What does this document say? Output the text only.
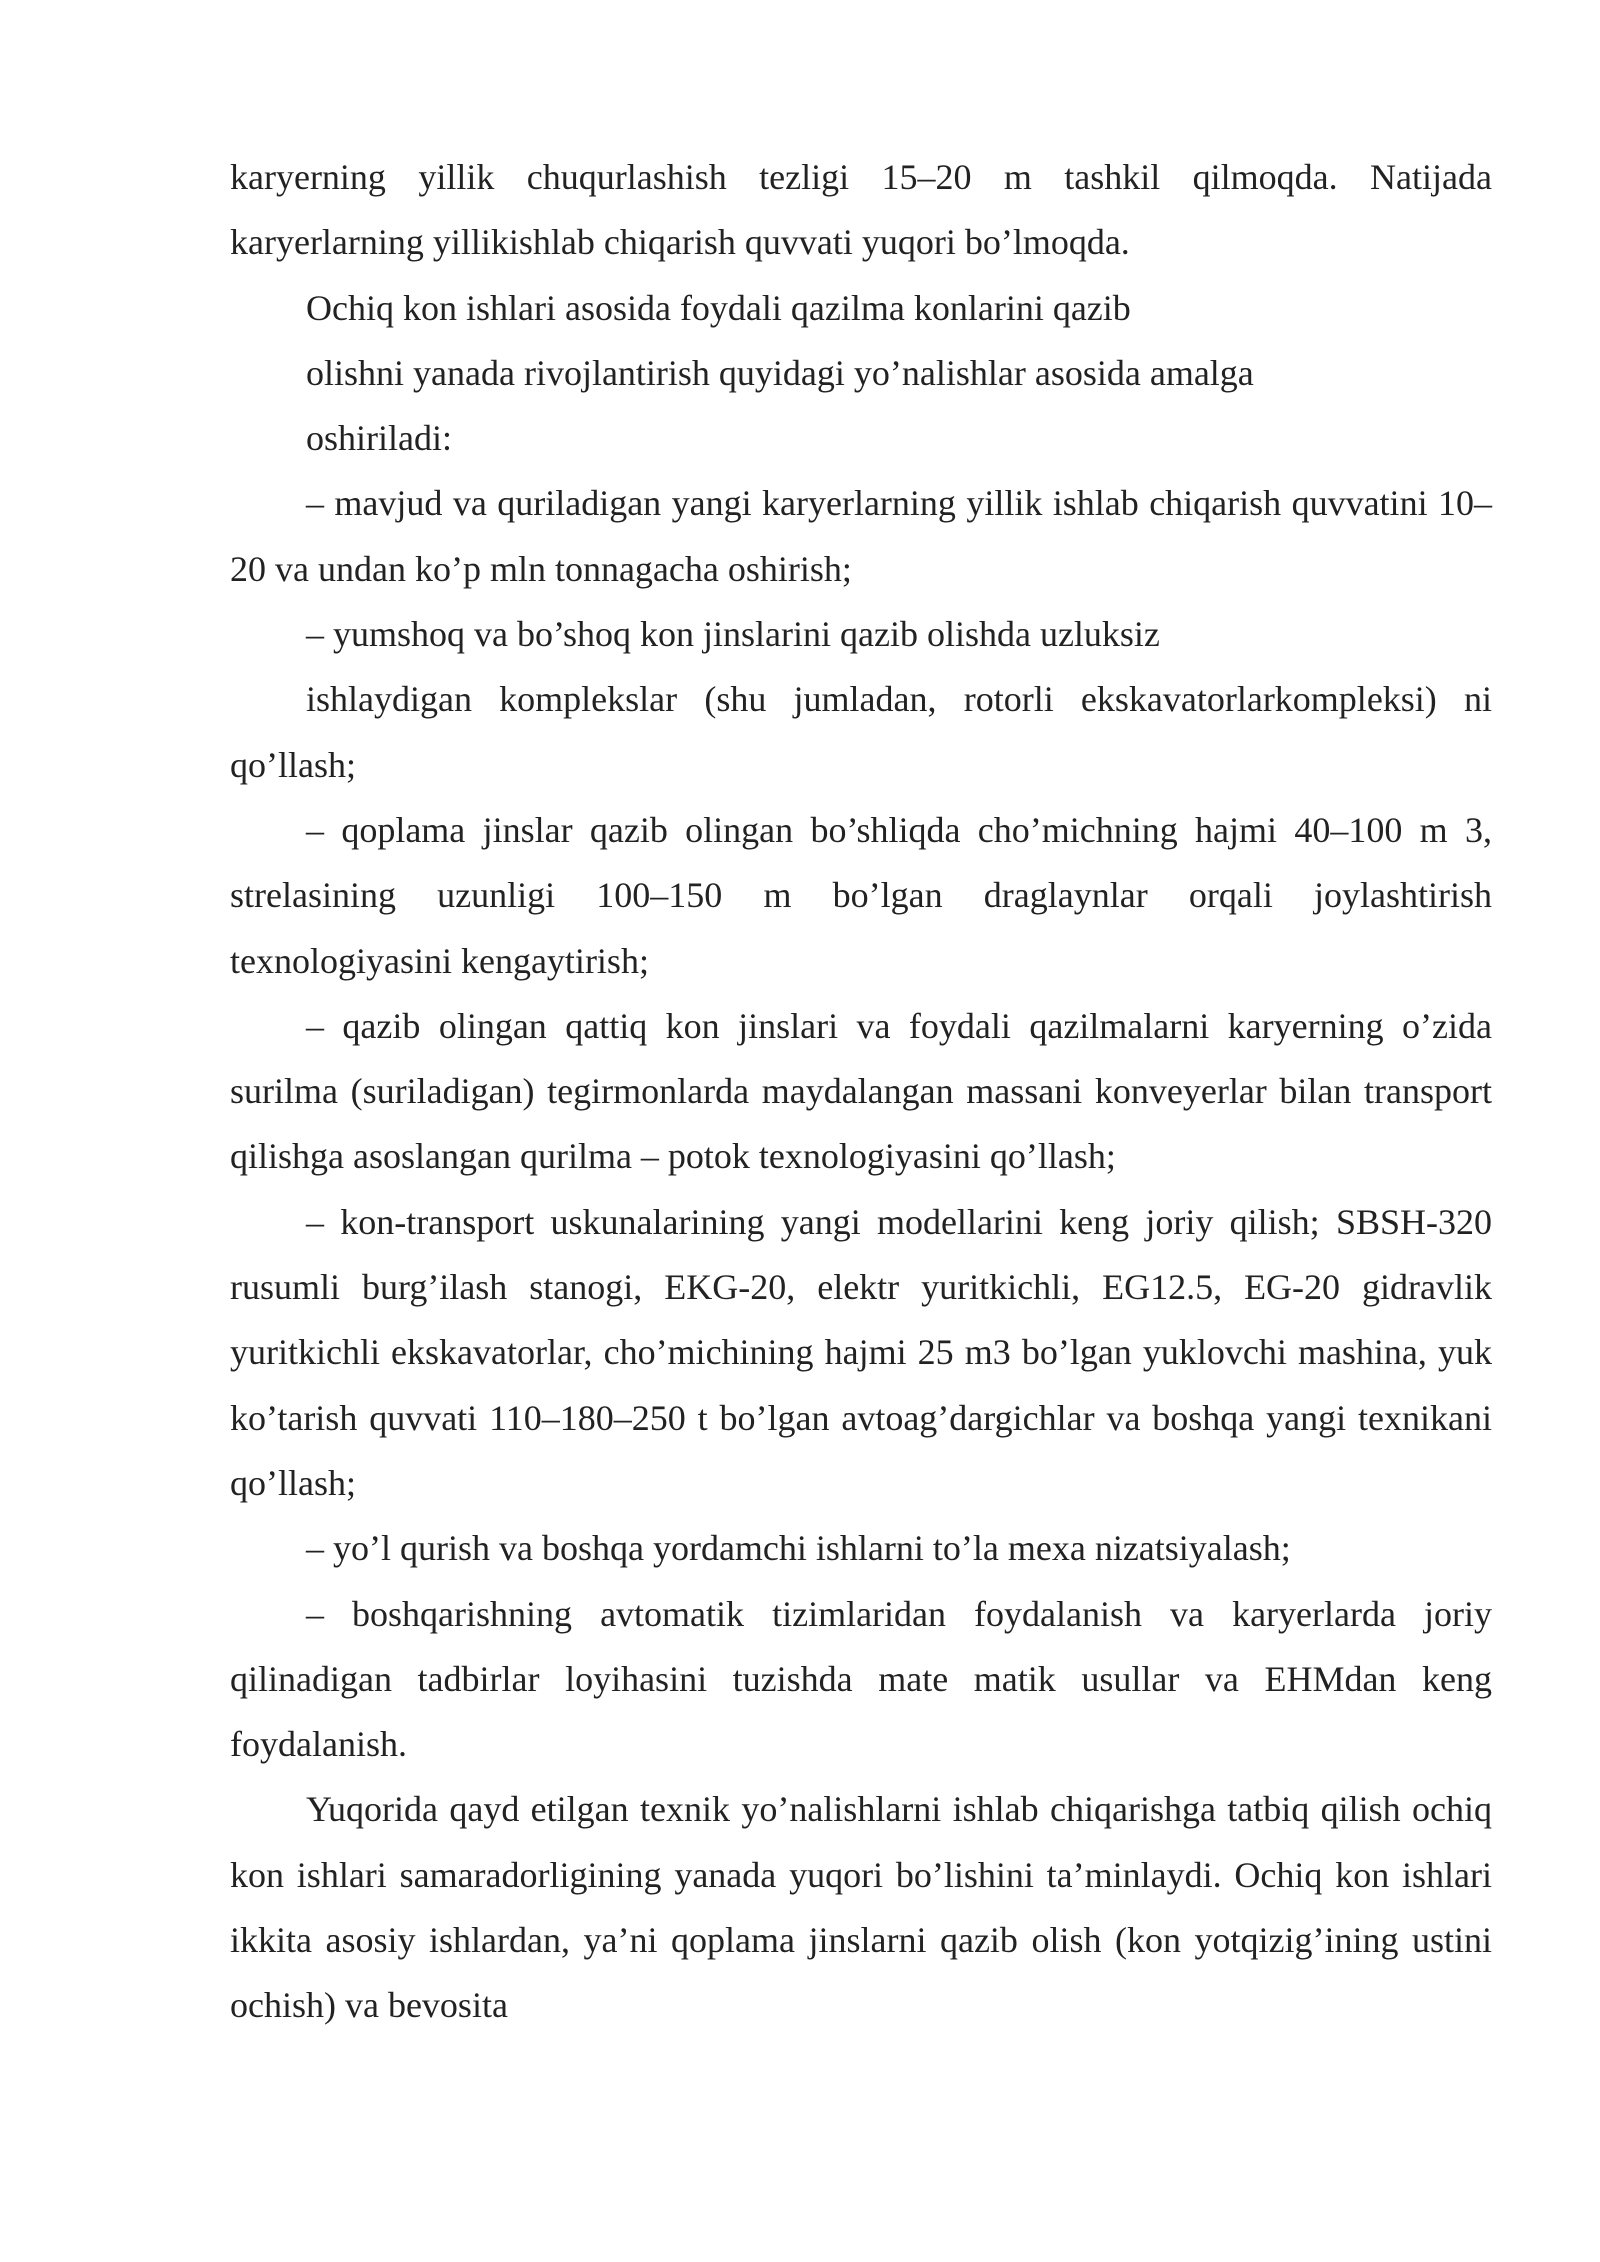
karyerning yillik chuqurlashish tezligi 15–20 m tashkil qilmoqda. Natijada karyerlarning yillikishlab chiqarish quvvati yuqori bo’lmoqda.

Ochiq kon ishlari asosida foydali qazilma konlarini qazib

olishni yanada rivojlantirish quyidagi yo’nalishlar asosida amalga

oshiriladi:

– mavjud va quriladigan yangi karyerlarning yillik ishlab chiqarish quvvatini 10–20 va undan ko’p mln tonnagacha oshirish;

– yumshoq va bo’shoq kon jinslarini qazib olishda uzluksiz

ishlaydigan komplekslar (shu jumladan, rotorli ekskavatorlarkompleksi) ni qo’llash;

– qoplama jinslar qazib olingan bo’shliqda cho’michning hajmi 40–100 m 3, strelasining uzunligi 100–150 m bo’lgan draglaynlar orqali joylashtirish texnologiyasini kengaytirish;

– qazib olingan qattiq kon jinslari va foydali qazilmalarni karyerning o’zida surilma (suriladigan) tegirmonlarda maydalangan massani konveyerlar bilan transport qilishga asoslangan qurilma – potok texnologiyasini qo’llash;

– kon-transport uskunalarining yangi modellarini keng joriy qilish; SBSH-320 rusumli burg’ilash stanogi, EKG-20, elektr yuritkichli, EG12.5, EG-20 gidravlik yuritkichli ekskavatorlar, cho’michining hajmi 25 m3 bo’lgan yuklovchi mashina, yuk ko’tarish quvvati 110–180–250 t bo’lgan avtoag’dargichlar va boshqa yangi texnikani qo’llash;

– yo’l qurish va boshqa yordamchi ishlarni to’la mexa nizatsiyalash;

– boshqarishning avtomatik tizimlaridan foydalanish va karyerlarda joriy qilinadigan tadbirlar loyihasini tuzishda mate matik usullar va EHMdan keng foydalanish.

Yuqorida qayd etilgan texnik yo’nalishlarni ishlab chiqarishga tatbiq qilish ochiq kon ishlari samaradorligining yanada yuqori bo’lishini ta’minlaydi. Ochiq kon ishlari ikkita asosiy ishlardan, ya’ni qoplama jinslarni qazib olish (kon yotqizig’ining ustini ochish) va bevosita
